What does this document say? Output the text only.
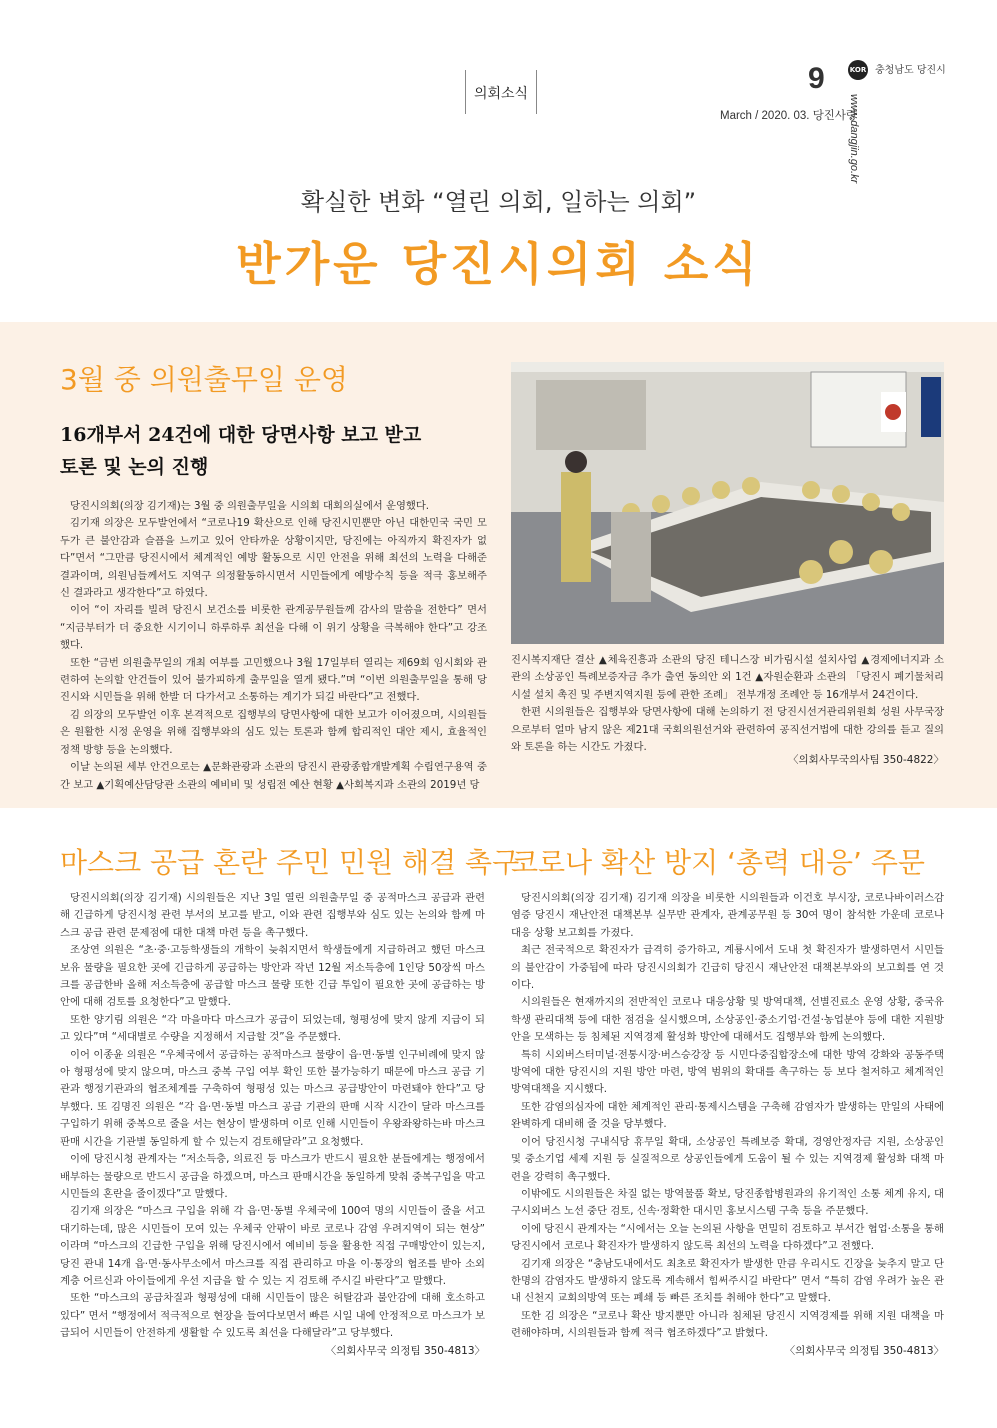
의회소식	9
March / 2020. 03. 당진사랑
KOR 충청남도 당진시
www.dangjin.go.kr
확실한 변화 “열린 의회, 일하는 의회”
반가운 당진시의회 소식
3월 중 의원출무일 운영
16개부서 24건에 대한 당면사항 보고 받고
토론 및 논의 진행

당진시의회(의장 김기재)는 3월 중 의원출무일을 시의회 대회의실에서 운영했다.

김기재 의장은 모두발언에서 “코로나19 확산으로 인해 당진시민뿐만 아닌 대한민국 국민 모두가 큰 불안감과 슬픔을 느끼고 있어 안타까운 상황이지만, 당진에는 아직까지 확진자가 없다”면서 “그만큼 당진시에서 체계적인 예방 활동으로 시민 안전을 위해 최선의 노력을 다해준 결과이며, 의원님들께서도 지역구 의정활동하시면서 시민들에게 예방수칙 등을 적극 홍보해주신 결과라고 생각한다”고 하였다.

이어 “이 자리를 빌려 당진시 보건소를 비롯한 관계공무원들께 감사의 말씀을 전한다” 면서 “지금부터가 더 중요한 시기이니 하루하루 최선을 다해 이 위기 상황을 극복해야 한다”고 강조했다.

또한 “금번 의원출무일의 개최 여부를 고민했으나 3월 17일부터 열리는 제69회 임시회와 관련하여 논의할 안건들이 있어 불가피하게 출무일을 열게 됐다.”며 “이번 의원출무일을 통해 당진시와 시민들을 위해 한발 더 다가서고 소통하는 계기가 되길 바란다”고 전했다.

김 의장의 모두발언 이후 본격적으로 집행부의 당면사항에 대한 보고가 이어졌으며, 시의원들은 원활한 시정 운영을 위해 집행부와의 심도 있는 토론과 함께 합리적인 대안 제시, 효율적인 정책 방향 등을 논의했다.

이날 논의된 세부 안건으로는 ▲문화관광과 소관의 당진시 관광종합개발계획 수립연구용역 중간 보고 ▲기획예산담당관 소관의 예비비 및 성립전 예산 현황 ▲사회복지과 소관의 2019년 당

진시복지재단 결산 ▲체육진흥과 소관의 당진 테니스장 비가림시설 설치사업 ▲경제에너지과 소관의 소상공인 특례보증자금 추가 출연 동의안 외 1건 ▲자원순환과 소관의 「당진시 폐기물처리시설 설치 촉진 및 주변지역지원 등에 관한 조례」 전부개정 조례안 등 16개부서 24건이다.

한편 시의원들은 집행부와 당면사항에 대해 논의하기 전 당진시선거관리위원회 성원 사무국장으로부터 얼마 남지 않은 제21대 국회의원선거와 관련하여 공직선거법에 대한 강의를 듣고 질의와 토론을 하는 시간도 가졌다.

〈의회사무국의사팀 350-4822〉
마스크 공급 혼란 주민 민원 해결 촉구

당진시의회(의장 김기재) 시의원들은 지난 3일 열린 의원출무일 중 공적마스크 공급과 관련해 긴급하게 당진시청 관련 부서의 보고를 받고, 이와 관련 집행부와 심도 있는 논의와 함께 마스크 공급 관련 문제점에 대한 대책 마련 등을 촉구했다.

조상연 의원은 “초·중·고등학생들의 개학이 늦춰지면서 학생들에게 지급하려고 했던 마스크 보유 물량을 필요한 곳에 긴급하게 공급하는 방안과 작년 12월 저소득층에 1인당 50장씩 마스크를 공급한바 올해 저소득층에 공급할 마스크 물량 또한 긴급 투입이 필요한 곳에 공급하는 방안에 대해 검토를 요청한다”고 말했다.

또한 양기림 의원은 “각 마을마다 마스크가 공급이 되었는데, 형평성에 맞지 않게 지급이 되고 있다”며 “세대별로 수량을 지정해서 지급할 것”을 주문했다.

이어 이종윤 의원은 “우체국에서 공급하는 공적마스크 물량이 읍·면·동별 인구비례에 맞지 않아 형평성에 맞지 않으며, 마스크 중복 구입 여부 확인 또한 불가능하기 때문에 마스크 공급 기관과 행정기관과의 협조체계를 구축하여 형평성 있는 마스크 공급방안이 마련돼야 한다”고 당부했다. 또 김명진 의원은 “각 읍·면·동별 마스크 공급 기관의 판매 시작 시간이 달라 마스크를 구입하기 위해 중복으로 줄을 서는 현상이 발생하며 이로 인해 시민들이 우왕좌왕하는바 마스크 판매 시간을 기관별 동일하게 할 수 있는지 검토해달라”고 요청했다.

이에 당진시청 관계자는 “저소득층, 의료진 등 마스크가 반드시 필요한 분들에게는 행정에서 배부하는 물량으로 반드시 공급을 하겠으며, 마스크 판매시간을 동일하게 맞춰 중복구입을 막고 시민들의 혼란을 줄이겠다”고 말했다.

김기재 의장은 “마스크 구입을 위해 각 읍·면·동별 우체국에 100여 명의 시민들이 줄을 서고 대기하는데, 많은 시민들이 모여 있는 우체국 안팎이 바로 코로나 감염 우려지역이 되는 현상” 이라며 “마스크의 긴급한 구입을 위해 당진시에서 예비비 등을 활용한 직접 구매방안이 있는지, 당진 관내 14개 읍·면·동사무소에서 마스크를 직접 관리하고 마을 이·통장의 협조를 받아 소외계층 어르신과 아이들에게 우선 지급을 할 수 있는 지 검토해 주시길 바란다”고 말했다.

또한 “마스크의 공급차질과 형평성에 대해 시민들이 많은 허탈감과 불안감에 대해 호소하고 있다” 면서 “행정에서 적극적으로 현장을 들여다보면서 빠른 시일 내에 안정적으로 마스크가 보급되어 시민들이 안전하게 생활할 수 있도록 최선을 다해달라”고 당부했다.

〈의회사무국 의정팀 350-4813〉
코로나 확산 방지 ‘총력 대응’ 주문

당진시의회(의장 김기재) 김기재 의장을 비롯한 시의원들과 이건호 부시장, 코로나바이러스감염증 당진시 재난안전 대책본부 실무반 관계자, 관계공무원 등 30여 명이 참석한 가운데 코로나 대응 상황 보고회를 가졌다.

최근 전국적으로 확진자가 급격히 증가하고, 계룡시에서 도내 첫 확진자가 발생하면서 시민들의 불안감이 가중됨에 따라 당진시의회가 긴급히 당진시 재난안전 대책본부와의 보고회를 연 것이다.

시의원들은 현재까지의 전반적인 코로나 대응상황 및 방역대책, 선별진료소 운영 상황, 중국유학생 관리대책 등에 대한 점검을 실시했으며, 소상공인·중소기업·건설·농업분야 등에 대한 지원방안을 모색하는 등 침체된 지역경제 활성화 방안에 대해서도 집행부와 함께 논의했다.

특히 시외버스터미널·전통시장·버스승강장 등 시민다중집합장소에 대한 방역 강화와 공동주택 방역에 대한 당진시의 지원 방안 마련, 방역 범위의 확대를 촉구하는 등 보다 철저하고 체계적인 방역대책을 지시했다.

또한 감염의심자에 대한 체계적인 관리·통제시스템을 구축해 감염자가 발생하는 만일의 사태에 완벽하게 대비해 줄 것을 당부했다.

이어 당진시청 구내식당 휴무일 확대, 소상공인 특례보증 확대, 경영안정자금 지원, 소상공인 및 중소기업 세제 지원 등 실질적으로 상공인들에게 도움이 될 수 있는 지역경제 활성화 대책 마련을 강력히 촉구했다.

이밖에도 시의원들은 차질 없는 방역물품 확보, 당진종합병원과의 유기적인 소통 체계 유지, 대구시외버스 노선 중단 검토, 신속·정확한 대시민 홍보시스템 구축 등을 주문했다.

이에 당진시 관계자는 “시에서는 오늘 논의된 사항을 면밀히 검토하고 부서간 협업·소통을 통해 당진시에서 코로나 확진자가 발생하지 않도록 최선의 노력을 다하겠다”고 전했다.

김기재 의장은 “충남도내에서도 최초로 확진자가 발생한 만큼 우리시도 긴장을 늦추지 말고 단 한명의 감염자도 발생하지 않도록 계속해서 힘써주시길 바란다” 면서 “특히 감염 우려가 높은 관내 신천지 교회의방역 또는 폐쇄 등 빠른 조치를 취해야 한다”고 말했다.

또한 김 의장은 “코로나 확산 방지뿐만 아니라 침체된 당진시 지역경제를 위해 지원 대책을 마련해야하며, 시의원들과 함께 적극 협조하겠다”고 밝혔다.

〈의회사무국 의정팀 350-4813〉
